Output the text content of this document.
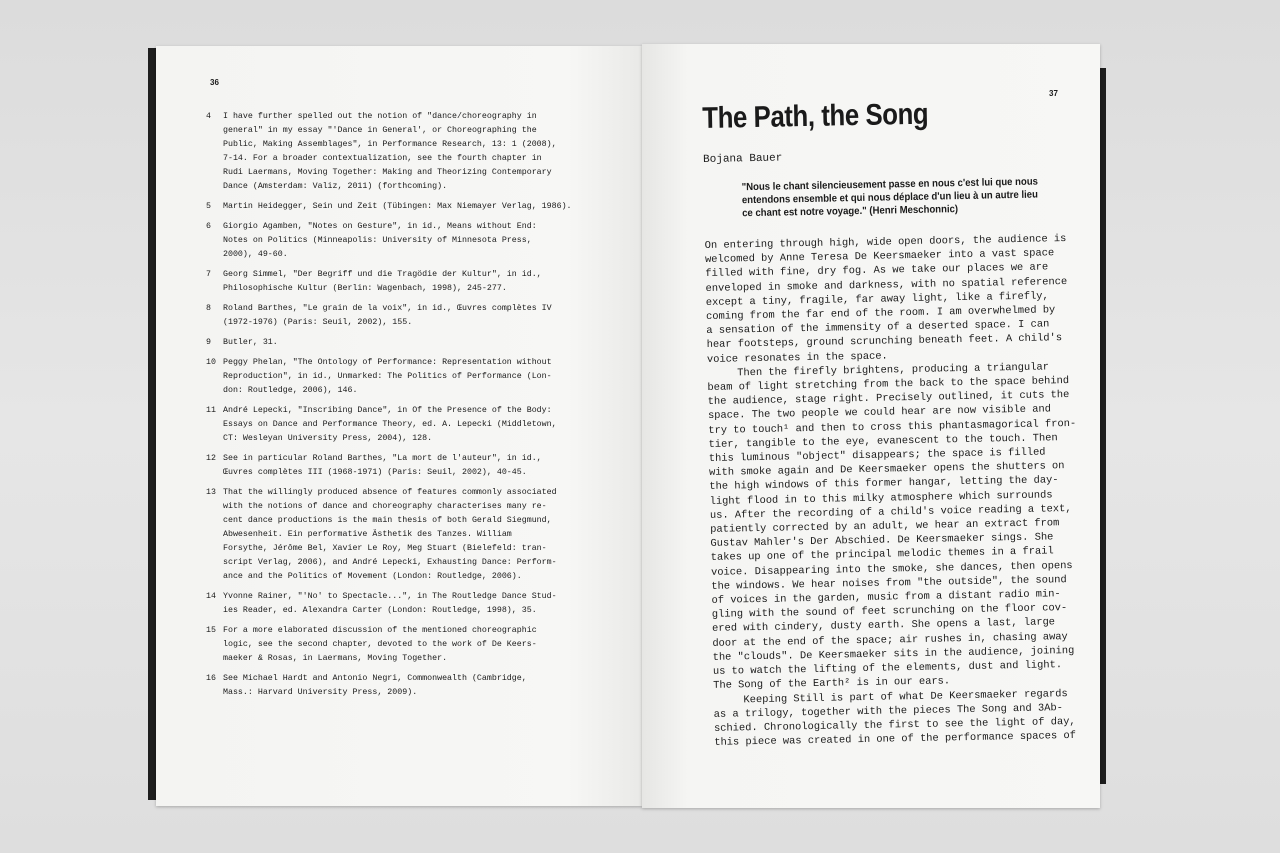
36
4 I have further spelled out the notion of "dance/choreography in
general" in my essay "'Dance in General', or Choreographing the
Public, Making Assemblages", in Performance Research, 13: 1 (2008),
7-14. For a broader contextualization, see the fourth chapter in
Rudi Laermans, Moving Together: Making and Theorizing Contemporary
Dance (Amsterdam: Valiz, 2011) (forthcoming).
5 Martin Heidegger, Sein und Zeit (Tübingen: Max Niemayer Verlag, 1986).
6 Giorgio Agamben, "Notes on Gesture", in id., Means without End:
Notes on Politics (Minneapolis: University of Minnesota Press,
2000), 49-60.
7 Georg Simmel, "Der Begriff und die Tragödie der Kultur", in id.,
Philosophische Kultur (Berlin: Wagenbach, 1998), 245-277.
8 Roland Barthes, "Le grain de la voix", in id., Œuvres complètes IV
(1972-1976) (Paris: Seuil, 2002), 155.
9 Butler, 31.
10 Peggy Phelan, "The Ontology of Performance: Representation without
Reproduction", in id., Unmarked: The Politics of Performance (Lon-
don: Routledge, 2006), 146.
11 André Lepecki, "Inscribing Dance", in Of the Presence of the Body:
Essays on Dance and Performance Theory, ed. A. Lepecki (Middletown,
CT: Wesleyan University Press, 2004), 128.
12 See in particular Roland Barthes, "La mort de l'auteur", in id.,
Œuvres complètes III (1968-1971) (Paris: Seuil, 2002), 40-45.
13 That the willingly produced absence of features commonly associated
with the notions of dance and choreography characterises many re-
cent dance productions is the main thesis of both Gerald Siegmund,
Abwesenheit. Ein performative Ästhetik des Tanzes. William
Forsythe, Jérôme Bel, Xavier Le Roy, Meg Stuart (Bielefeld: tran-
script Verlag, 2006), and André Lepecki, Exhausting Dance: Perform-
ance and the Politics of Movement (London: Routledge, 2006).
14 Yvonne Rainer, "'No' to Spectacle...", in The Routledge Dance Stud-
ies Reader, ed. Alexandra Carter (London: Routledge, 1998), 35.
15 For a more elaborated discussion of the mentioned choreographic
logic, see the second chapter, devoted to the work of De Keers-
maeker & Rosas, in Laermans, Moving Together.
16 See Michael Hardt and Antonio Negri, Commonwealth (Cambridge,
Mass.: Harvard University Press, 2009).
37
The Path, the Song
Bojana Bauer
"Nous le chant silencieusement passe en nous c'est lui que nous entendons ensemble et qui nous déplace d'un lieu à un autre lieu ce chant est notre voyage." (Henri Meschonnic)
On entering through high, wide open doors, the audience is
welcomed by Anne Teresa De Keersmaeker into a vast space
filled with fine, dry fog. As we take our places we are
enveloped in smoke and darkness, with no spatial reference
except a tiny, fragile, far away light, like a firefly,
coming from the far end of the room. I am overwhelmed by
a sensation of the immensity of a deserted space. I can
hear footsteps, ground scrunching beneath feet. A child's
voice resonates in the space.
Then the firefly brightens, producing a triangular
beam of light stretching from the back to the space behind
the audience, stage right. Precisely outlined, it cuts the
space. The two people we could hear are now visible and
try to touch¹ and then to cross this phantasmagorical fron-
tier, tangible to the eye, evanescent to the touch. Then
this luminous "object" disappears; the space is filled
with smoke again and De Keersmaeker opens the shutters on
the high windows of this former hangar, letting the day-
light flood in to this milky atmosphere which surrounds
us. After the recording of a child's voice reading a text,
patiently corrected by an adult, we hear an extract from
Gustav Mahler's Der Abschied. De Keersmaeker sings. She
takes up one of the principal melodic themes in a frail
voice. Disappearing into the smoke, she dances, then opens
the windows. We hear noises from "the outside", the sound
of voices in the garden, music from a distant radio min-
gling with the sound of feet scrunching on the floor cov-
ered with cindery, dusty earth. She opens a last, large
door at the end of the space; air rushes in, chasing away
the "clouds". De Keersmaeker sits in the audience, joining
us to watch the lifting of the elements, dust and light.
The Song of the Earth² is in our ears.
Keeping Still is part of what De Keersmaeker regards
as a trilogy, together with the pieces The Song and 3Ab-
schied. Chronologically the first to see the light of day,
this piece was created in one of the performance spaces of
